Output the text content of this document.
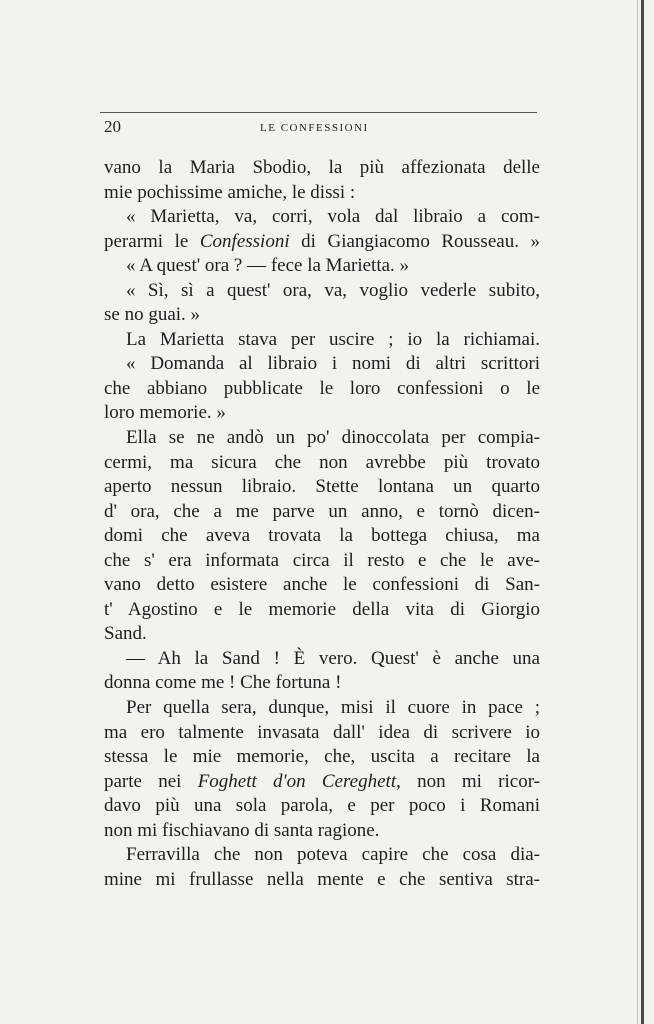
20	LE CONFESSIONI
vano la Maria Sbodio, la più affezionata delle
mie pochissime amiche, le dissi :
« Marietta, va, corri, vola dal libraio a com-
perarmi le Confessioni di Giangiacomo Rousseau. »
« A quest' ora ? — fece la Marietta. »
« Sì, sì a quest' ora, va, voglio vederle subito,
se no guai. »
La Marietta stava per uscire ; io la richiamai.
« Domanda al libraio i nomi di altri scrittori
che abbiano pubblicate le loro confessioni o le
loro memorie. »
Ella se ne andò un po' dinoccolata per compia-
cermi, ma sicura che non avrebbe più trovato
aperto nessun libraio. Stette lontana un quarto
d' ora, che a me parve un anno, e tornò dicen-
domi che aveva trovata la bottega chiusa, ma
che s' era informata circa il resto e che le ave-
vano detto esistere anche le confessioni di San-
t' Agostino e le memorie della vita di Giorgio
Sand.
— Ah la Sand ! È vero. Quest' è anche una
donna come me ! Che fortuna !
Per quella sera, dunque, misi il cuore in pace ;
ma ero talmente invasata dall' idea di scrivere io
stessa le mie memorie, che, uscita a recitare la
parte nei Foghett d'on Cereghett, non mi ricor-
davo più una sola parola, e per poco i Romani
non mi fischiavano di santa ragione.
Ferravilla che non poteva capire che cosa dia-
mine mi frullasse nella mente e che sentiva stra-
